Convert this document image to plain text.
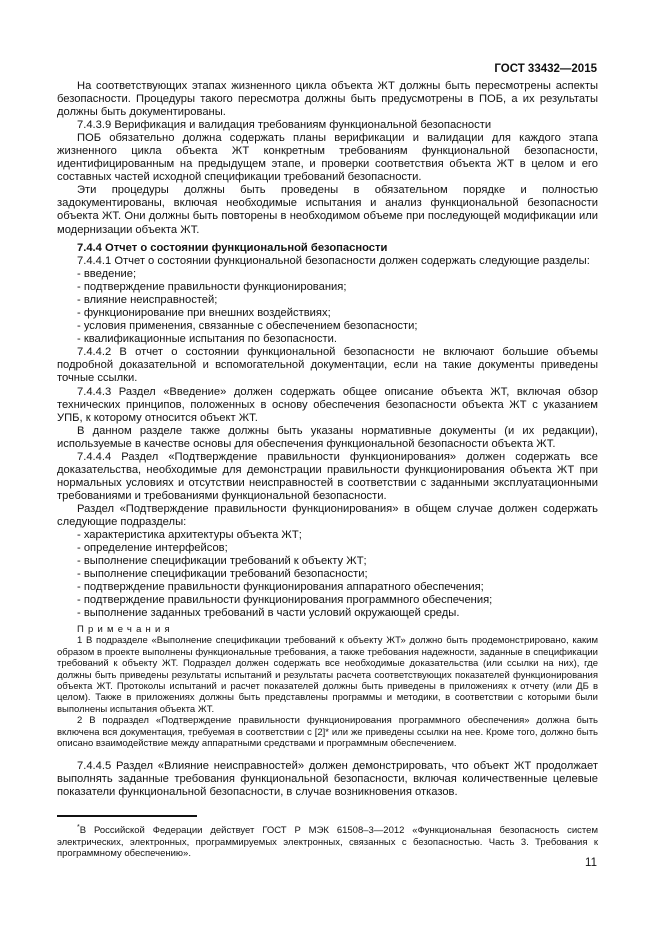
ГОСТ 33432—2015

На соответствующих этапах жизненного цикла объекта ЖТ должны быть пересмотрены аспекты безопасности. Процедуры такого пересмотра должны быть предусмотрены в ПОБ, а их результаты должны быть документированы.

7.4.3.9 Верификация и валидация требованиям функциональной безопасности

ПОБ обязательно должна содержать планы верификации и валидации для каждого этапа жизненного цикла объекта ЖТ конкретным требованиям функциональной безопасности, идентифицированным на предыдущем этапе, и проверки соответствия объекта ЖТ в целом и его составных частей исходной спецификации требований безопасности.

Эти процедуры должны быть проведены в обязательном порядке и полностью задокументированы, включая необходимые испытания и анализ функциональной безопасности объекта ЖТ. Они должны быть повторены в необходимом объеме при последующей модификации или модернизации объекта ЖТ.

7.4.4 Отчет о состоянии функциональной безопасности

7.4.4.1 Отчет о состоянии функциональной безопасности должен содержать следующие разделы:

- введение;

- подтверждение правильности функционирования;

- влияние неисправностей;

- функционирование при внешних воздействиях;

- условия применения, связанные с обеспечением безопасности;

- квалификационные испытания по безопасности.

7.4.4.2 В отчет о состоянии функциональной безопасности не включают большие объемы подробной доказательной и вспомогательной документации, если на такие документы приведены точные ссылки.

7.4.4.3 Раздел «Введение» должен содержать общее описание объекта ЖТ, включая обзор технических принципов, положенных в основу обеспечения безопасности объекта ЖТ с указанием УПБ, к которому относится объект ЖТ.

В данном разделе также должны быть указаны нормативные документы (и их редакции), используемые в качестве основы для обеспечения функциональной безопасности объекта ЖТ.

7.4.4.4 Раздел «Подтверждение правильности функционирования» должен содержать все доказательства, необходимые для демонстрации правильности функционирования объекта ЖТ при нормальных условиях и отсутствии неисправностей в соответствии с заданными эксплуатационными требованиями и требованиями функциональной безопасности.

Раздел «Подтверждение правильности функционирования» в общем случае должен содержать следующие подразделы:

- характеристика архитектуры объекта ЖТ;

- определение интерфейсов;

- выполнение спецификации требований к объекту ЖТ;

- выполнение спецификации требований безопасности;

- подтверждение правильности функционирования аппаратного обеспечения;

- подтверждение правильности функционирования программного обеспечения;

- выполнение заданных требований в части условий окружающей среды.

Примечания

1 В подразделе «Выполнение спецификации требований к объекту ЖТ» должно быть продемонстрировано, каким образом в проекте выполнены функциональные требования, а также требования надежности, заданные в спецификации требований к объекту ЖТ. Подраздел должен содержать все необходимые доказательства (или ссылки на них), где должны быть приведены результаты испытаний и результаты расчета соответствующих показателей функционирования объекта ЖТ. Протоколы испытаний и расчет показателей должны быть приведены в приложениях к отчету (или ДБ в целом). Также в приложениях должны быть представлены программы и методики, в соответствии с которыми были выполнены испытания объекта ЖТ.

2 В подраздел «Подтверждение правильности функционирования программного обеспечения» должна быть включена вся документация, требуемая в соответствии с [2]* или же приведены ссылки на нее. Кроме того, должно быть описано взаимодействие между аппаратными средствами и программным обеспечением.

7.4.4.5 Раздел «Влияние неисправностей» должен демонстрировать, что объект ЖТ продолжает выполнять заданные требования функциональной безопасности, включая количественные целевые показатели функциональной безопасности, в случае возникновения отказов.

*В Российской Федерации действует ГОСТ Р МЭК 61508–3—2012 «Функциональная безопасность систем электрических, электронных, программируемых электронных, связанных с безопасностью. Часть 3. Требования к программному обеспечению».

11
